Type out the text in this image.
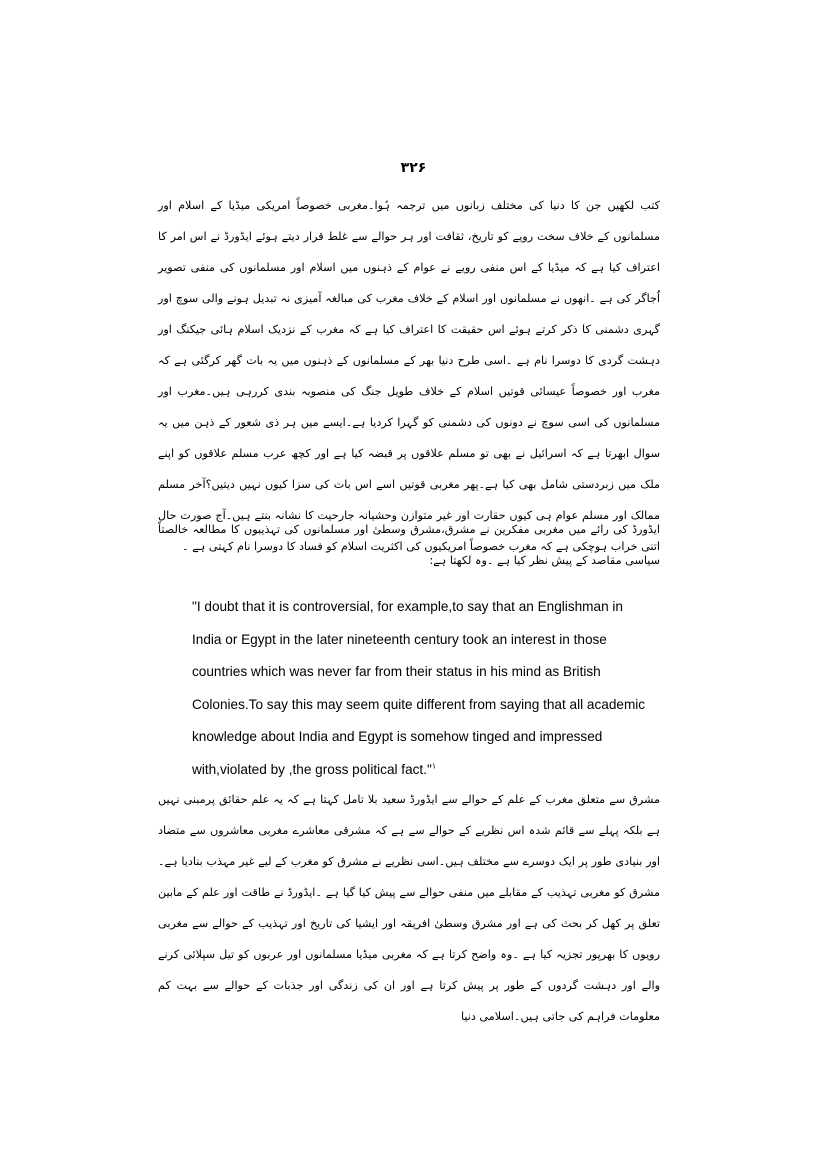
۳۲۶

کتب لکھیں جن کا دنیا کی مختلف زبانوں میں ترجمہ ہُوا۔مغربی خصوصاً امریکی میڈیا کے اسلام اور مسلمانوں کے خلاف سخت رویے کو تاریخ، ثقافت اور ہر حوالے سے غلط قرار دیتے ہوئے ایڈورڈ نے اس امر کا اعتراف کیا ہے کہ میڈیا کے اس منفی رویے نے عوام کے ذہنوں میں اسلام اور مسلمانوں کی منفی تصویر اُجاگر کی ہے ۔انھوں نے مسلمانوں اور اسلام کے خلاف مغرب کی مبالغہ آمیزی نہ تبدیل ہونے والی سوچ اور گہری دشمنی کا ذکر کرتے ہوئے اس حقیقت کا اعتراف کیا ہے کہ مغرب کے نزدیک اسلام ہائی جیکنگ اور دہشت گردی کا دوسرا نام ہے ۔اسی طرح دنیا بھر کے مسلمانوں کے ذہنوں میں یہ بات گھر کرگئی ہے کہ مغرب اور خصوصاً عیسائی قوتیں اسلام کے خلاف طویل جنگ کی منصوبہ بندی کررہی ہیں۔مغرب اور مسلمانوں کی اسی سوچ نے دونوں کی دشمنی کو گہرا کردیا ہے۔ایسے میں ہر ذی شعور کے ذہن میں یہ سوال ابھرتا ہے کہ اسرائیل نے بھی تو مسلم علاقوں پر قبضہ کیا ہے اور کچھ عرب مسلم علاقوں کو اپنے ملک میں زبردستی شامل بھی کیا ہے۔پھر مغربی قوتیں اسے اس بات کی سزا کیوں نہیں دیتیں؟آخر مسلم ممالک اور مسلم عوام ہی کیوں حقارت اور غیر متوازن وحشیانہ جارحیت کا نشانہ بنتے ہیں۔آج صورت حال اتنی خراب ہوچکی ہے کہ مغرب خصوصاً امریکیوں کی اکثریت اسلام کو فساد کا دوسرا نام کہتی ہے ۔

ایڈورڈ کی رائے میں مغربی مفکرین نے مشرق،مشرق وسطیٰ اور مسلمانوں کی تہذیبوں کا مطالعہ خالصتاً سیاسی مقاصد کے پیش نظر کیا ہے ۔وہ لکھتا ہے:

"I doubt that it is controversial, for example,to say that an Englishman in India or Egypt in the later nineteenth century took an interest in those countries which was never far from their status in his mind as British Colonies.To say this may seem quite different from saying that all academic knowledge about India and Egypt is somehow tinged and impressed with,violated by ,the gross political fact."$^۱$

مشرق سے متعلق مغرب کے علم کے حوالے سے ایڈورڈ سعید بلا تامل کہتا ہے کہ یہ علم حقائق پرمبنی نہیں ہے بلکہ پہلے سے قائم شدہ اس نظریے کے حوالے سے ہے کہ مشرقی معاشرے مغربی معاشروں سے متضاد اور بنیادی طور پر ایک دوسرے سے مختلف ہیں۔اسی نظریے نے مشرق کو مغرب کے لیے غیر مہذب بنادیا ہے۔مشرق کو مغربی تہذیب کے مقابلے میں منفی حوالے سے پیش کیا گیا ہے ۔ایڈورڈ نے طاقت اور علم کے مابین تعلق پر کھل کر بحث کی ہے اور مشرق وسطیٰ افریقہ اور ایشیا کی تاریخ اور تہذیب کے حوالے سے مغربی رویوں کا بھرپور تجزیہ کیا ہے ۔وہ واضح کرتا ہے کہ مغربی میڈیا مسلمانوں اور عربوں کو تیل سپلائی کرنے والے اور دہشت گردوں کے طور پر پیش کرتا ہے اور ان کی زندگی اور جذبات کے حوالے سے بہت کم معلومات فراہم کی جاتی ہیں۔اسلامی دنیا
